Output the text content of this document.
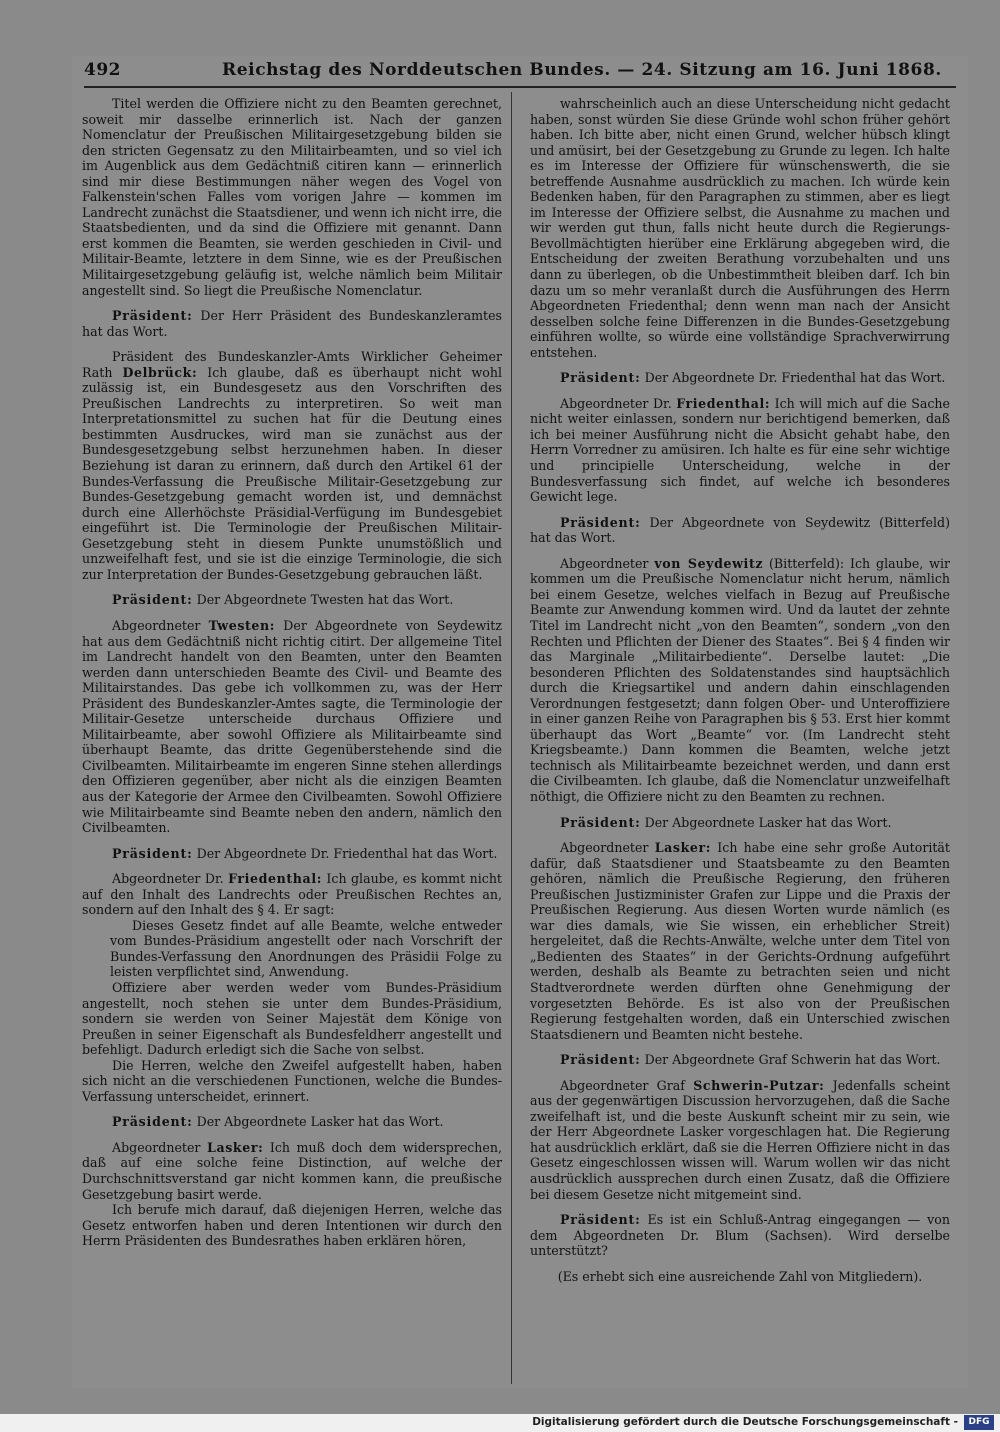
492	Reichstag des Norddeutschen Bundes. — 24. Sitzung am 16. Juni 1868.

Titel werden die Offiziere nicht zu den Beamten gerechnet, soweit mir dasselbe erinnerlich ist. Nach der ganzen Nomenclatur der Preußischen Militairgesetzgebung bilden sie den stricten Gegensatz zu den Militairbeamten, und so viel ich im Augenblick aus dem Gedächtniß citiren kann — erinnerlich sind mir diese Bestimmungen näher wegen des Vogel von Falkenstein'schen Falles vom vorigen Jahre — kommen im Landrecht zunächst die Staatsdiener, und wenn ich nicht irre, die Staatsbedienten, und da sind die Offiziere mit genannt. Dann erst kommen die Beamten, sie werden geschieden in Civil- und Militair-Beamte, letztere in dem Sinne, wie es der Preußischen Militairgesetzgebung geläufig ist, welche nämlich beim Militair angestellt sind. So liegt die Preußische Nomenclatur.

Präsident: Der Herr Präsident des Bundeskanzleramtes hat das Wort.

Präsident des Bundeskanzler-Amts Wirklicher Geheimer Rath Delbrück: Ich glaube, daß es überhaupt nicht wohl zulässig ist, ein Bundesgesetz aus den Vorschriften des Preußischen Landrechts zu interpretiren. So weit man Interpretationsmittel zu suchen hat für die Deutung eines bestimmten Ausdruckes, wird man sie zunächst aus der Bundesgesetzgebung selbst herzunehmen haben. In dieser Beziehung ist daran zu erinnern, daß durch den Artikel 61 der Bundes-Verfassung die Preußische Militair-Gesetzgebung zur Bundes-Gesetzgebung gemacht worden ist, und demnächst durch eine Allerhöchste Präsidial-Verfügung im Bundesgebiet eingeführt ist. Die Terminologie der Preußischen Militair-Gesetzgebung steht in diesem Punkte unumstößlich und unzweifelhaft fest, und sie ist die einzige Terminologie, die sich zur Interpretation der Bundes-Gesetzgebung gebrauchen läßt.

Präsident: Der Abgeordnete Twesten hat das Wort.

Abgeordneter Twesten: Der Abgeordnete von Seydewitz hat aus dem Gedächtniß nicht richtig citirt. Der allgemeine Titel im Landrecht handelt von den Beamten, unter den Beamten werden dann unterschieden Beamte des Civil- und Beamte des Militairstandes. Das gebe ich vollkommen zu, was der Herr Präsident des Bundeskanzler-Amtes sagte, die Terminologie der Militair-Gesetze unterscheide durchaus Offiziere und Militairbeamte, aber sowohl Offiziere als Militairbeamte sind überhaupt Beamte, das dritte Gegenüberstehende sind die Civilbeamten. Militairbeamte im engeren Sinne stehen allerdings den Offizieren gegenüber, aber nicht als die einzigen Beamten aus der Kategorie der Armee den Civilbeamten. Sowohl Offiziere wie Militairbeamte sind Beamte neben den andern, nämlich den Civilbeamten.

Präsident: Der Abgeordnete Dr. Friedenthal hat das Wort.

Abgeordneter Dr. Friedenthal: Ich glaube, es kommt nicht auf den Inhalt des Landrechts oder Preußischen Rechtes an, sondern auf den Inhalt des § 4. Er sagt:

Dieses Gesetz findet auf alle Beamte, welche entweder vom Bundes-Präsidium angestellt oder nach Vorschrift der Bundes-Verfassung den Anordnungen des Präsidii Folge zu leisten verpflichtet sind, Anwendung.

Offiziere aber werden weder vom Bundes-Präsidium angestellt, noch stehen sie unter dem Bundes-Präsidium, sondern sie werden von Seiner Majestät dem Könige von Preußen in seiner Eigenschaft als Bundesfeldherr angestellt und befehligt. Dadurch erledigt sich die Sache von selbst.

Die Herren, welche den Zweifel aufgestellt haben, haben sich nicht an die verschiedenen Functionen, welche die Bundes-Verfassung unterscheidet, erinnert.

Präsident: Der Abgeordnete Lasker hat das Wort.

Abgeordneter Lasker: Ich muß doch dem widersprechen, daß auf eine solche feine Distinction, auf welche der Durchschnittsverstand gar nicht kommen kann, die preußische Gesetzgebung basirt werde.

Ich berufe mich darauf, daß diejenigen Herren, welche das Gesetz entworfen haben und deren Intentionen wir durch den Herrn Präsidenten des Bundesrathes haben erklären hören,

wahrscheinlich auch an diese Unterscheidung nicht gedacht haben, sonst würden Sie diese Gründe wohl schon früher gehört haben. Ich bitte aber, nicht einen Grund, welcher hübsch klingt und amüsirt, bei der Gesetzgebung zu Grunde zu legen. Ich halte es im Interesse der Offiziere für wünschenswerth, die sie betreffende Ausnahme ausdrücklich zu machen. Ich würde kein Bedenken haben, für den Paragraphen zu stimmen, aber es liegt im Interesse der Offiziere selbst, die Ausnahme zu machen und wir werden gut thun, falls nicht heute durch die Regierungs-Bevollmächtigten hierüber eine Erklärung abgegeben wird, die Entscheidung der zweiten Berathung vorzubehalten und uns dann zu überlegen, ob die Unbestimmtheit bleiben darf. Ich bin dazu um so mehr veranlaßt durch die Ausführungen des Herrn Abgeordneten Friedenthal; denn wenn man nach der Ansicht desselben solche feine Differenzen in die Bundes-Gesetzgebung einführen wollte, so würde eine vollständige Sprachverwirrung entstehen.

Präsident: Der Abgeordnete Dr. Friedenthal hat das Wort.

Abgeordneter Dr. Friedenthal: Ich will mich auf die Sache nicht weiter einlassen, sondern nur berichtigend bemerken, daß ich bei meiner Ausführung nicht die Absicht gehabt habe, den Herrn Vorredner zu amüsiren. Ich halte es für eine sehr wichtige und principielle Unterscheidung, welche in der Bundesverfassung sich findet, auf welche ich besonderes Gewicht lege.

Präsident: Der Abgeordnete von Seydewitz (Bitterfeld) hat das Wort.

Abgeordneter von Seydewitz (Bitterfeld): Ich glaube, wir kommen um die Preußische Nomenclatur nicht herum, nämlich bei einem Gesetze, welches vielfach in Bezug auf Preußische Beamte zur Anwendung kommen wird. Und da lautet der zehnte Titel im Landrecht nicht „von den Beamten“, sondern „von den Rechten und Pflichten der Diener des Staates“. Bei § 4 finden wir das Marginale „Militairbediente“. Derselbe lautet: „Die besonderen Pflichten des Soldatenstandes sind hauptsächlich durch die Kriegsartikel und andern dahin einschlagenden Verordnungen festgesetzt; dann folgen Ober- und Unteroffiziere in einer ganzen Reihe von Paragraphen bis § 53. Erst hier kommt überhaupt das Wort „Beamte“ vor. (Im Landrecht steht Kriegsbeamte.) Dann kommen die Beamten, welche jetzt technisch als Militairbeamte bezeichnet werden, und dann erst die Civilbeamten. Ich glaube, daß die Nomenclatur unzweifelhaft nöthigt, die Offiziere nicht zu den Beamten zu rechnen.

Präsident: Der Abgeordnete Lasker hat das Wort.

Abgeordneter Lasker: Ich habe eine sehr große Autorität dafür, daß Staatsdiener und Staatsbeamte zu den Beamten gehören, nämlich die Preußische Regierung, den früheren Preußischen Justizminister Grafen zur Lippe und die Praxis der Preußischen Regierung. Aus diesen Worten wurde nämlich (es war dies damals, wie Sie wissen, ein erheblicher Streit) hergeleitet, daß die Rechts-Anwälte, welche unter dem Titel von „Bedienten des Staates“ in der Gerichts-Ordnung aufgeführt werden, deshalb als Beamte zu betrachten seien und nicht Stadtverordnete werden dürften ohne Genehmigung der vorgesetzten Behörde. Es ist also von der Preußischen Regierung festgehalten worden, daß ein Unterschied zwischen Staatsdienern und Beamten nicht bestehe.

Präsident: Der Abgeordnete Graf Schwerin hat das Wort.

Abgeordneter Graf Schwerin-Putzar: Jedenfalls scheint aus der gegenwärtigen Discussion hervorzugehen, daß die Sache zweifelhaft ist, und die beste Auskunft scheint mir zu sein, wie der Herr Abgeordnete Lasker vorgeschlagen hat. Die Regierung hat ausdrücklich erklärt, daß sie die Herren Offiziere nicht in das Gesetz eingeschlossen wissen will. Warum wollen wir das nicht ausdrücklich aussprechen durch einen Zusatz, daß die Offiziere bei diesem Gesetze nicht mitgemeint sind.

Präsident: Es ist ein Schluß-Antrag eingegangen — von dem Abgeordneten Dr. Blum (Sachsen). Wird derselbe unterstützt?

(Es erhebt sich eine ausreichende Zahl von Mitgliedern).

Digitalisierung gefördert durch die Deutsche Forschungsgemeinschaft -	DFG
